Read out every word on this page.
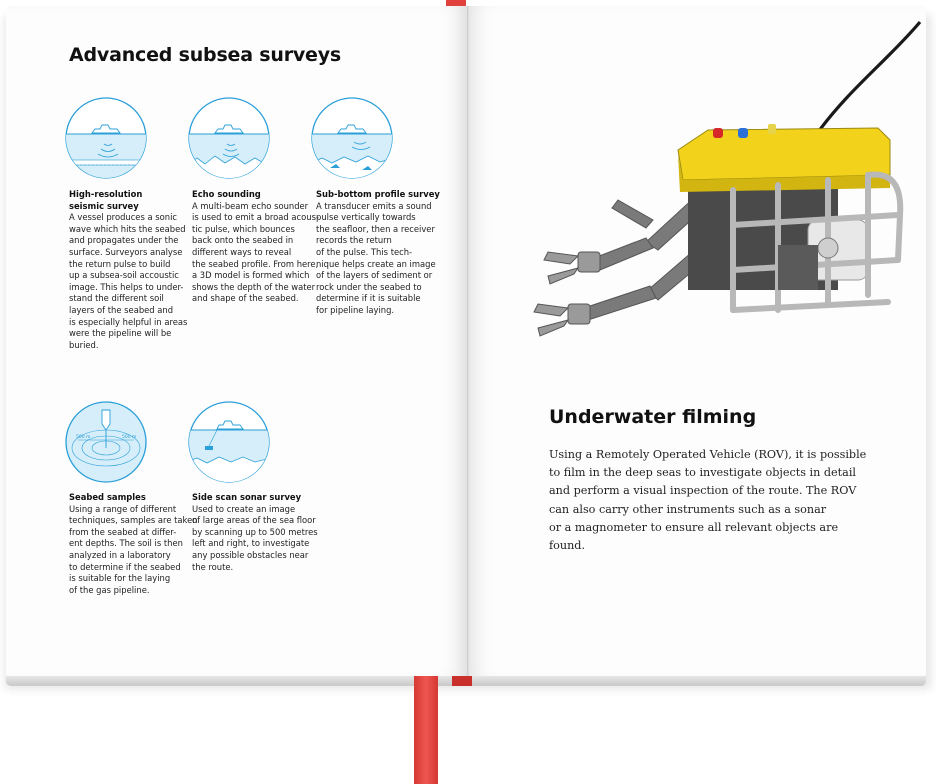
Advanced subsea surveys
500 m	500 m
High-resolution
seismic survey
A vessel produces a sonic
wave which hits the seabed
and propagates under the
surface. Surveyors analyse
the return pulse to build
up a subsea-soil accoustic
image. This helps to under-
stand the different soil
layers of the seabed and
is especially helpful in areas
were the pipeline will be
buried.
Echo sounding
A multi-beam echo sounder
is used to emit a broad acous-
tic pulse, which bounces
back onto the seabed in
different ways to reveal
the seabed profile. From here,
a 3D model is formed which
shows the depth of the water
and shape of the seabed.
Sub-bottom profile survey
A transducer emits a sound
pulse vertically towards
the seafloor, then a receiver
records the return
of the pulse. This tech-
nique helps create an image
of the layers of sediment or
rock under the seabed to
determine if it is suitable
for pipeline laying.
Seabed samples
Using a range of different
techniques, samples are taken
from the seabed at differ-
ent depths. The soil is then
analyzed in a laboratory
to determine if the seabed
is suitable for the laying
of the gas pipeline.
Side scan sonar survey
Used to create an image
of large areas of the sea floor
by scanning up to 500 metres
left and right, to investigate
any possible obstacles near
the route.
Underwater filming
Using a Remotely Operated Vehicle (ROV), it is possible
to film in the deep seas to investigate objects in detail
and perform a visual inspection of the route. The ROV
can also carry other instruments such as a sonar
or a magnometer to ensure all relevant objects are found.
